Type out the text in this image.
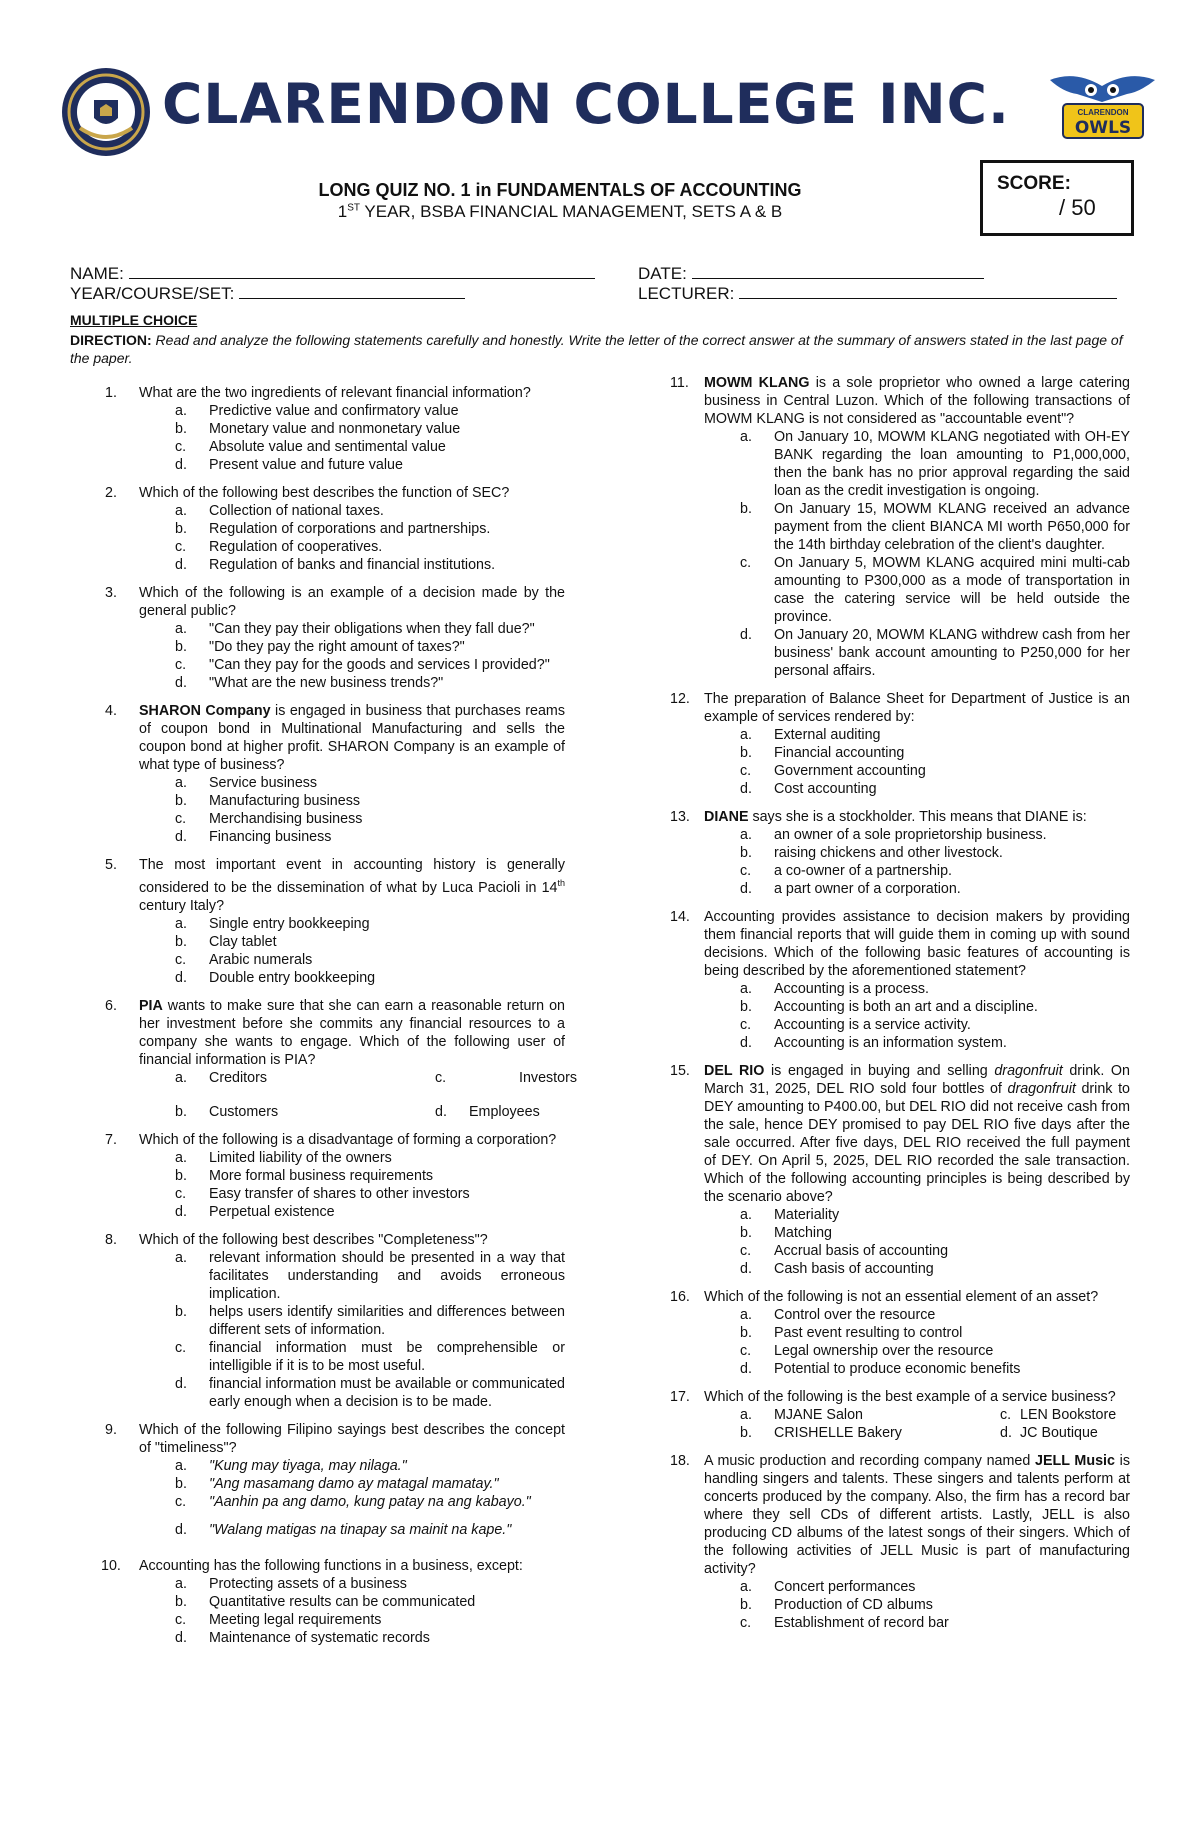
CLARENDON COLLEGE INC.	CLARENDON
OWLS
LONG QUIZ NO. 1 in FUNDAMENTALS OF ACCOUNTING
1ST YEAR, BSBA FINANCIAL MANAGEMENT, SETS A & B
SCORE:
/ 50
NAME:	DATE:
YEAR/COURSE/SET:	LECTURER:
MULTIPLE CHOICE
DIRECTION: Read and analyze the following statements carefully and honestly. Write the letter of the correct answer at the summary of answers stated in the last page of the paper.
1. What are the two ingredients of relevant financial information?
a. Predictive value and confirmatory value
b. Monetary value and nonmonetary value
c. Absolute value and sentimental value
d. Present value and future value
2. Which of the following best describes the function of SEC?
a. Collection of national taxes.
b. Regulation of corporations and partnerships.
c. Regulation of cooperatives.
d. Regulation of banks and financial institutions.
3. Which of the following is an example of a decision made by the general public?
a. "Can they pay their obligations when they fall due?"
b. "Do they pay the right amount of taxes?"
c. "Can they pay for the goods and services I provided?"
d. "What are the new business trends?"
4. SHARON Company is engaged in business that purchases reams of coupon bond in Multinational Manufacturing and sells the coupon bond at higher profit. SHARON Company is an example of what type of business?
a. Service business
b. Manufacturing business
c. Merchandising business
d. Financing business
5. The most important event in accounting history is generally considered to be the dissemination of what by Luca Pacioli in 14th century Italy?
a. Single entry bookkeeping
b. Clay tablet
c. Arabic numerals
d. Double entry bookkeeping
6. PIA wants to make sure that she can earn a reasonable return on her investment before she commits any financial resources to a company she wants to engage. Which of the following user of financial information is PIA?
a. Creditors	c.	Investors
b. Customers	d. Employees
7. Which of the following is a disadvantage of forming a corporation?
a. Limited liability of the owners
b. More formal business requirements
c. Easy transfer of shares to other investors
d. Perpetual existence
8. Which of the following best describes "Completeness"?
a. relevant information should be presented in a way that facilitates understanding and avoids erroneous implication.
b. helps users identify similarities and differences between different sets of information.
c. financial information must be comprehensible or intelligible if it is to be most useful.
d. financial information must be available or communicated early enough when a decision is to be made.
9. Which of the following Filipino sayings best describes the concept of "timeliness"?
a. "Kung may tiyaga, may nilaga."
b. "Ang masamang damo ay matagal mamatay."
c. "Aanhin pa ang damo, kung patay na ang kabayo."
d. "Walang matigas na tinapay sa mainit na kape."
10. Accounting has the following functions in a business, except:
a. Protecting assets of a business
b. Quantitative results can be communicated
c. Meeting legal requirements
d. Maintenance of systematic records
11. MOWM KLANG is a sole proprietor who owned a large catering business in Central Luzon. Which of the following transactions of MOWM KLANG is not considered as "accountable event"?
a. On January 10, MOWM KLANG negotiated with OH-EY BANK regarding the loan amounting to P1,000,000, then the bank has no prior approval regarding the said loan as the credit investigation is ongoing.
b. On January 15, MOWM KLANG received an advance payment from the client BIANCA MI worth P650,000 for the 14th birthday celebration of the client's daughter.
c. On January 5, MOWM KLANG acquired mini multi-cab amounting to P300,000 as a mode of transportation in case the catering service will be held outside the province.
d. On January 20, MOWM KLANG withdrew cash from her business' bank account amounting to P250,000 for her personal affairs.
12. The preparation of Balance Sheet for Department of Justice is an example of services rendered by:
a. External auditing
b. Financial accounting
c. Government accounting
d. Cost accounting
13. DIANE says she is a stockholder. This means that DIANE is:
a. an owner of a sole proprietorship business.
b. raising chickens and other livestock.
c. a co-owner of a partnership.
d. a part owner of a corporation.
14. Accounting provides assistance to decision makers by providing them financial reports that will guide them in coming up with sound decisions. Which of the following basic features of accounting is being described by the aforementioned statement?
a. Accounting is a process.
b. Accounting is both an art and a discipline.
c. Accounting is a service activity.
d. Accounting is an information system.
15. DEL RIO is engaged in buying and selling dragonfruit drink. On March 31, 2025, DEL RIO sold four bottles of dragonfruit drink to DEY amounting to P400.00, but DEL RIO did not receive cash from the sale, hence DEY promised to pay DEL RIO five days after the sale occurred. After five days, DEL RIO received the full payment of DEY. On April 5, 2025, DEL RIO recorded the sale transaction. Which of the following accounting principles is being described by the scenario above?
a. Materiality
b. Matching
c. Accrual basis of accounting
d. Cash basis of accounting
16. Which of the following is not an essential element of an asset?
a. Control over the resource
b. Past event resulting to control
c. Legal ownership over the resource
d. Potential to produce economic benefits
17. Which of the following is the best example of a service business?
a. MJANE Salon	c. LEN Bookstore
b. CRISHELLE Bakery	d. JC Boutique
18. A music production and recording company named JELL Music is handling singers and talents. These singers and talents perform at concerts produced by the company. Also, the firm has a record bar where they sell CDs of different artists. Lastly, JELL is also producing CD albums of the latest songs of their singers. Which of the following activities of JELL Music is part of manufacturing activity?
a. Concert performances
b. Production of CD albums
c. Establishment of record bar
